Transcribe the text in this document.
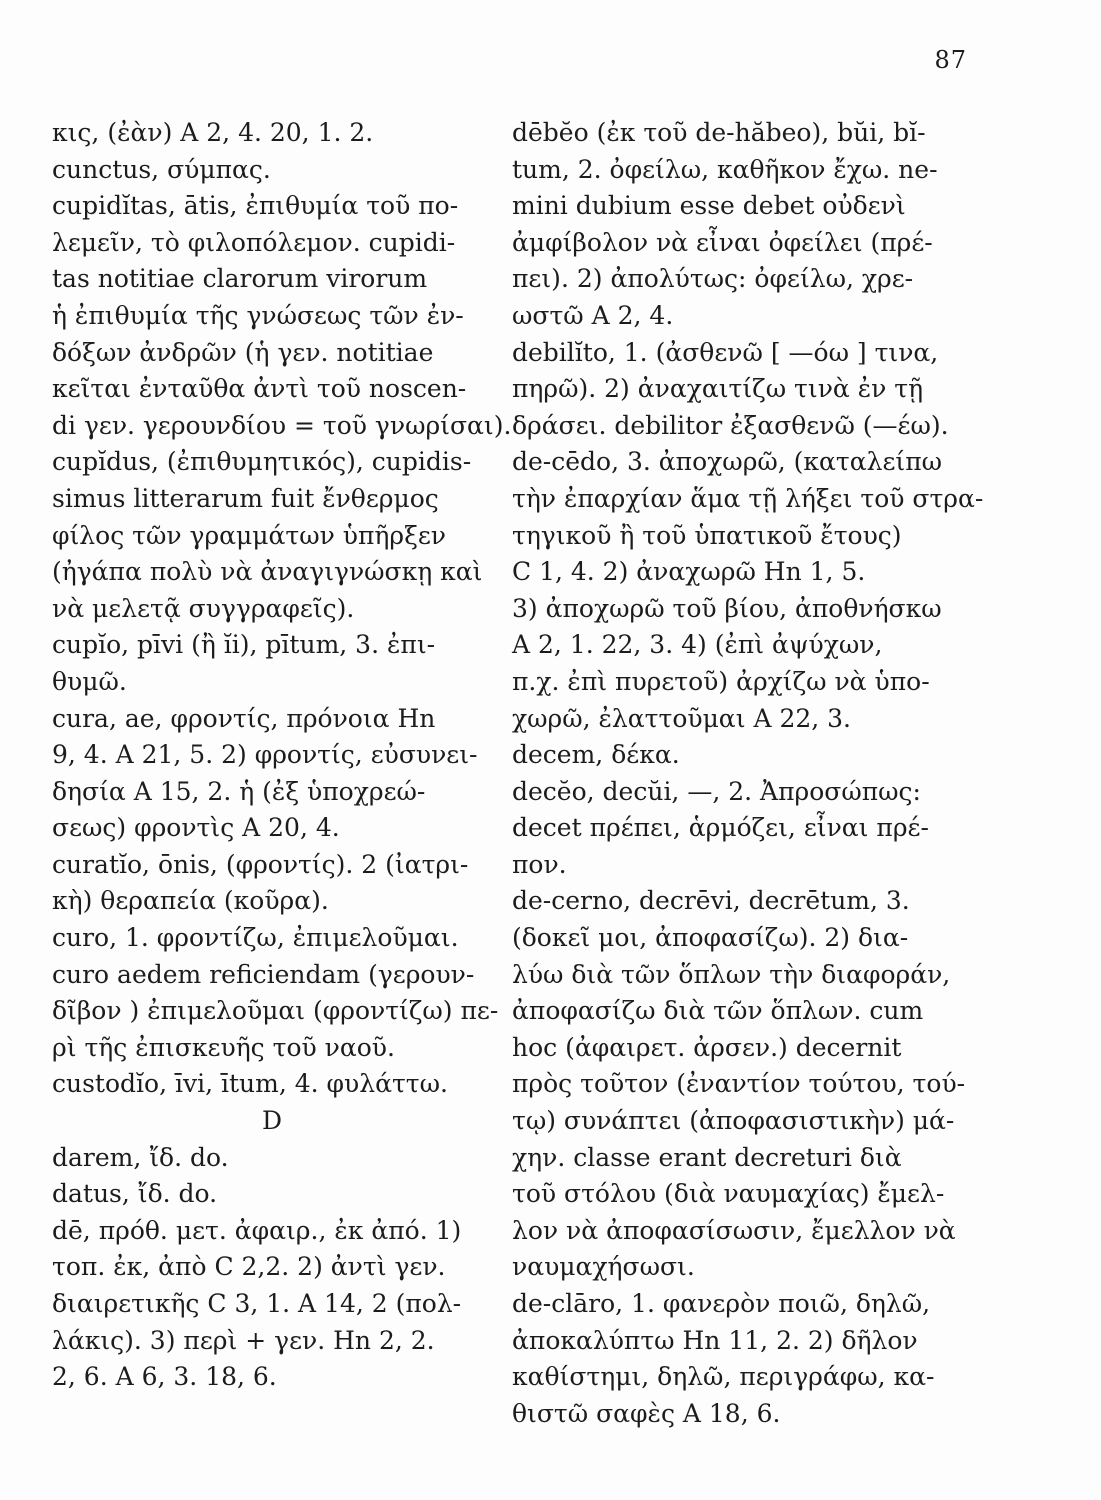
87
κις, (ἐὰν) Α 2, 4. 20, 1. 2.
cunctus, σύμπας.
cupidĭtas, ātis, ἐπιθυμία τοῦ πο-
λεμεῖν, τὸ φιλοπόλεμον. cupidi-
tas notitiae clarorum virorum
ἡ ἐπιθυμία τῆς γνώσεως τῶν ἐν-
δόξων ἀνδρῶν (ἡ γεν. notitiae
κεῖται ἐνταῦθα ἀντὶ τοῦ noscen-
di γεν. γερουνδίου = τοῦ γνωρίσαι).
cupĭdus, (ἐπιθυμητικός), cupidis-
simus litterarum fuit ἔνθερμος
φίλος τῶν γραμμάτων ὑπῆρξεν
(ἠγάπα πολὺ νὰ ἀναγιγνώσκῃ καὶ
νὰ μελετᾷ συγγραφεῖς).
cupĭo, pīvi (ἢ ĭi), pītum, 3. ἐπι-
θυμῶ.
cura, ae, φροντίς, πρόνοια Hn
9, 4. A 21, 5. 2) φροντίς, εὐσυνει-
δησία A 15, 2. ἡ (ἐξ ὑποχρεώ-
σεως) φροντὶς A 20, 4.
curatĭo, ōnis, (φροντίς). 2 (ἰατρι-
κὴ) θεραπεία (κοῦρα).
curo, 1. φροντίζω, ἐπιμελοῦμαι.
curo aedem reficiendam (γερουν-
δῖβον ) ἐπιμελοῦμαι (φροντίζω) πε-
ρὶ τῆς ἐπισκευῆς τοῦ ναοῦ.
custodĭo, īvi, ītum, 4. φυλάττω.
D
darem, ἴδ. do.
datus, ἴδ. do.
dē, πρόθ. μετ. ἀφαιρ., ἐκ ἀπό. 1)
τοπ. ἐκ, ἀπὸ C 2,2. 2) ἀντὶ γεν.
διαιρετικῆς C 3, 1. A 14, 2 (πολ-
λάκις). 3) περὶ + γεν. Hn 2, 2.
2, 6. A 6, 3. 18, 6.
dēbĕo (ἐκ τοῦ de-hăbeo), bŭi, bĭ-
tum, 2. ὀφείλω, καθῆκον ἔχω. ne-
mini dubium esse debet οὐδενὶ
ἀμφίβολον νὰ εἶναι ὀφείλει (πρέ-
πει). 2) ἀπολύτως: ὀφείλω, χρε-
ωστῶ A 2, 4.
debilĭto, 1. (ἀσθενῶ [ —όω ] τινα,
πηρῶ). 2) ἀναχαιτίζω τινὰ ἐν τῇ
δράσει. debilitor ἐξασθενῶ (—έω).
de-cēdo, 3. ἀποχωρῶ, (καταλείπω
τὴν ἐπαρχίαν ἅμα τῇ λήξει τοῦ στρα-
τηγικοῦ ἢ τοῦ ὑπατικοῦ ἔτους)
C 1, 4. 2) ἀναχωρῶ Hn 1, 5.
3) ἀποχωρῶ τοῦ βίου, ἀποθνήσκω
A 2, 1. 22, 3. 4) (ἐπὶ ἀψύχων,
π.χ. ἐπὶ πυρετοῦ) ἀρχίζω νὰ ὑπο-
χωρῶ, ἐλαττοῦμαι A 22, 3.
decem, δέκα.
decĕo, decŭi, —, 2. Ἀπροσώπως:
decet πρέπει, ἁρμόζει, εἶναι πρέ-
πον.
de-cerno, decrēvi, decrētum, 3.
(δοκεῖ μοι, ἀποφασίζω). 2) δια-
λύω διὰ τῶν ὅπλων τὴν διαφοράν,
ἀποφασίζω διὰ τῶν ὅπλων. cum
hoc (ἀφαιρετ. ἀρσεν.) decernit
πρὸς τοῦτον (ἐναντίον τούτου, τού-
τῳ) συνάπτει (ἀποφασιστικὴν) μά-
χην. classe erant decreturi διὰ
τοῦ στόλου (διὰ ναυμαχίας) ἔμελ-
λον νὰ ἀποφασίσωσιν, ἔμελλον νὰ
ναυμαχήσωσι.
de-clāro, 1. φανερὸν ποιῶ, δηλῶ,
ἀποκαλύπτω Hn 11, 2. 2) δῆλον
καθίστημι, δηλῶ, περιγράφω, κα-
θιστῶ σαφὲς A 18, 6.
